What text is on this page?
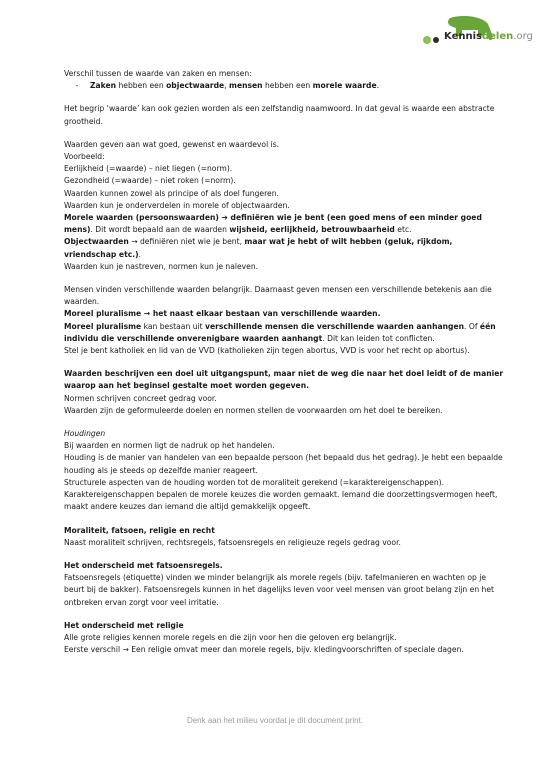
Kennisdelen.org

Verschil tussen de waarde van zaken en mensen:

-	Zaken hebben een objectwaarde, mensen hebben een morele waarde.

Het begrip ‘waarde’ kan ook gezien worden als een zelfstandig naamwoord. In dat geval is waarde een abstracte grootheid.

Waarden geven aan wat goed, gewenst en waardevol is.

Voorbeeld:

Eerlijkheid (=waarde) – niet liegen (=norm).

Gezondheid (=waarde) – niet roken (=norm).

Waarden kunnen zowel als principe of als doel fungeren.

Waarden kun je onderverdelen in morele of objectwaarden.

Morele waarden (persoonswaarden) ➔ definiëren wie je bent (een goed mens of een minder goed mens). Dit wordt bepaald aan de waarden wijsheid, eerlijkheid, betrouwbaarheid etc.

Objectwaarden → definiëren niet wie je bent, maar wat je hebt of wilt hebben (geluk, rijkdom, vriendschap etc.).

Waarden kun je nastreven, normen kun je naleven.

Mensen vinden verschillende waarden belangrijk. Daarnaast geven mensen een verschillende betekenis aan die waarden.

Moreel pluralisme → het naast elkaar bestaan van verschillende waarden.

Moreel pluralisme kan bestaan uit verschillende mensen die verschillende waarden aanhangen. Of één individu die verschillende onverenigbare waarden aanhangt. Dit kan leiden tot conflicten.

Stel je bent katholiek en lid van de VVD (katholieken zijn tegen abortus, VVD is voor het recht op abortus).

Waarden beschrijven een doel uit uitgangspunt, maar niet de weg die naar het doel leidt of de manier waarop aan het beginsel gestalte moet worden gegeven.

Normen schrijven concreet gedrag voor.

Waarden zijn de geformuleerde doelen en normen stellen de voorwaarden om het doel te bereiken.

Houdingen

Bij waarden en normen ligt de nadruk op het handelen.

Houding is de manier van handelen van een bepaalde persoon (het bepaald dus het gedrag). Je hebt een bepaalde houding als je steeds op dezelfde manier reageert.

Structurele aspecten van de houding worden tot de moraliteit gerekend (=karaktereigenschappen).

Karaktereigenschappen bepalen de morele keuzes die worden gemaakt. Iemand die doorzettingsvermogen heeft, maakt andere keuzes dan iemand die altijd gemakkelijk opgeeft.

Moraliteit, fatsoen, religie en recht

Naast moraliteit schrijven, rechtsregels, fatsoensregels en religieuze regels gedrag voor.

Het onderscheid met fatsoensregels.

Fatsoensregels (etiquette) vinden we minder belangrijk als morele regels (bijv. tafelmanieren en wachten op je beurt bij de bakker). Fatsoensregels kunnen in het dagelijks leven voor veel mensen van groot belang zijn en het ontbreken ervan zorgt voor veel irritatie.

Het onderscheid met religie

Alle grote religies kennen morele regels en die zijn voor hen die geloven erg belangrijk.

Eerste verschil → Een religie omvat meer dan morele regels, bijv. kledingvoorschriften of speciale dagen.

Denk aan het milieu voordat je dit document print.
